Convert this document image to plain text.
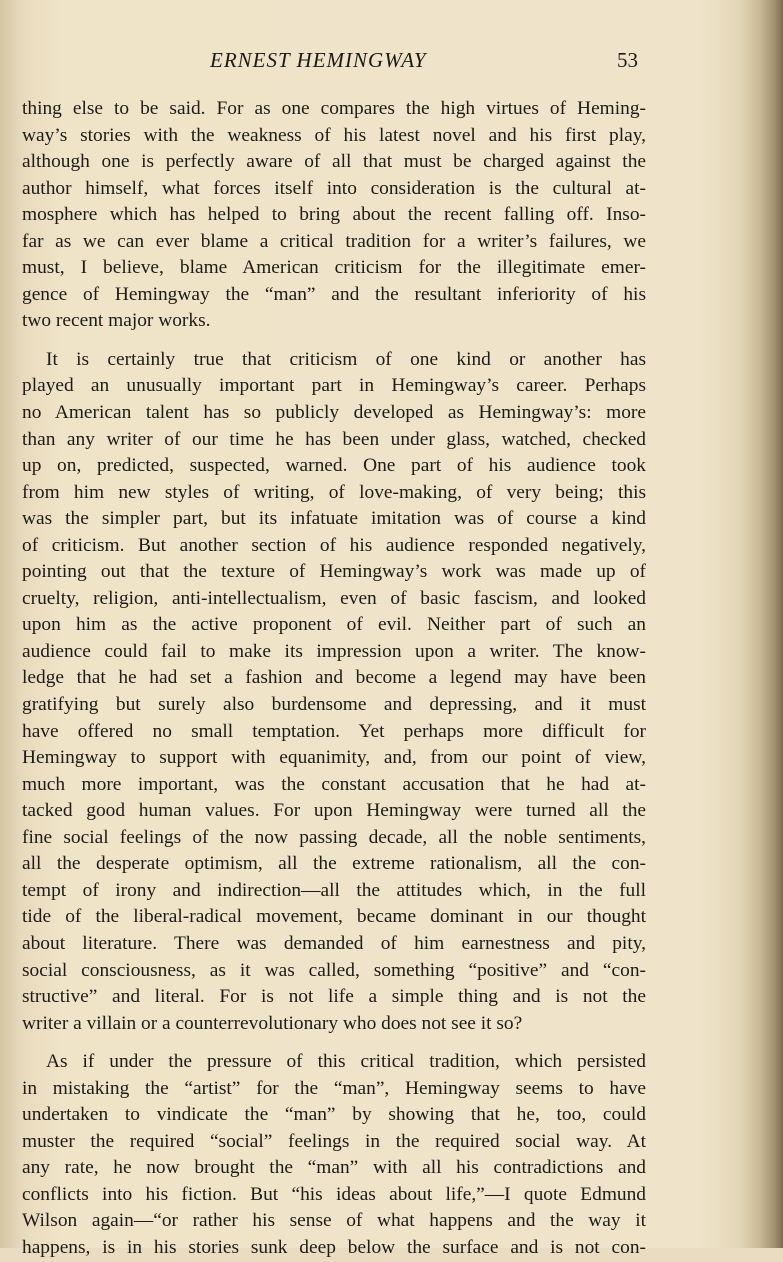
ERNEST HEMINGWAY	53
thing else to be said. For as one compares the high virtues of Heming-
way’s stories with the weakness of his latest novel and his first play,
although one is perfectly aware of all that must be charged against the
author himself, what forces itself into consideration is the cultural at-
mosphere which has helped to bring about the recent falling off. Inso-
far as we can ever blame a critical tradition for a writer’s failures, we
must, I believe, blame American criticism for the illegitimate emer-
gence of Hemingway the “man” and the resultant inferiority of his
two recent major works.
It is certainly true that criticism of one kind or another has
played an unusually important part in Hemingway’s career. Perhaps
no American talent has so publicly developed as Hemingway’s: more
than any writer of our time he has been under glass, watched, checked
up on, predicted, suspected, warned. One part of his audience took
from him new styles of writing, of love-making, of very being; this
was the simpler part, but its infatuate imitation was of course a kind
of criticism. But another section of his audience responded negatively,
pointing out that the texture of Hemingway’s work was made up of
cruelty, religion, anti-intellectualism, even of basic fascism, and looked
upon him as the active proponent of evil. Neither part of such an
audience could fail to make its impression upon a writer. The know-
ledge that he had set a fashion and become a legend may have been
gratifying but surely also burdensome and depressing, and it must
have offered no small temptation. Yet perhaps more difficult for
Hemingway to support with equanimity, and, from our point of view,
much more important, was the constant accusation that he had at-
tacked good human values. For upon Hemingway were turned all the
fine social feelings of the now passing decade, all the noble sentiments,
all the desperate optimism, all the extreme rationalism, all the con-
tempt of irony and indirection—all the attitudes which, in the full
tide of the liberal-radical movement, became dominant in our thought
about literature. There was demanded of him earnestness and pity,
social consciousness, as it was called, something “positive” and “con-
structive” and literal. For is not life a simple thing and is not the
writer a villain or a counterrevolutionary who does not see it so?
As if under the pressure of this critical tradition, which persisted
in mistaking the “artist” for the “man”, Hemingway seems to have
undertaken to vindicate the “man” by showing that he, too, could
muster the required “social” feelings in the required social way. At
any rate, he now brought the “man” with all his contradictions and
conflicts into his fiction. But “his ideas about life,”—I quote Edmund
Wilson again—“or rather his sense of what happens and the way it
happens, is in his stories sunk deep below the surface and is not con-
